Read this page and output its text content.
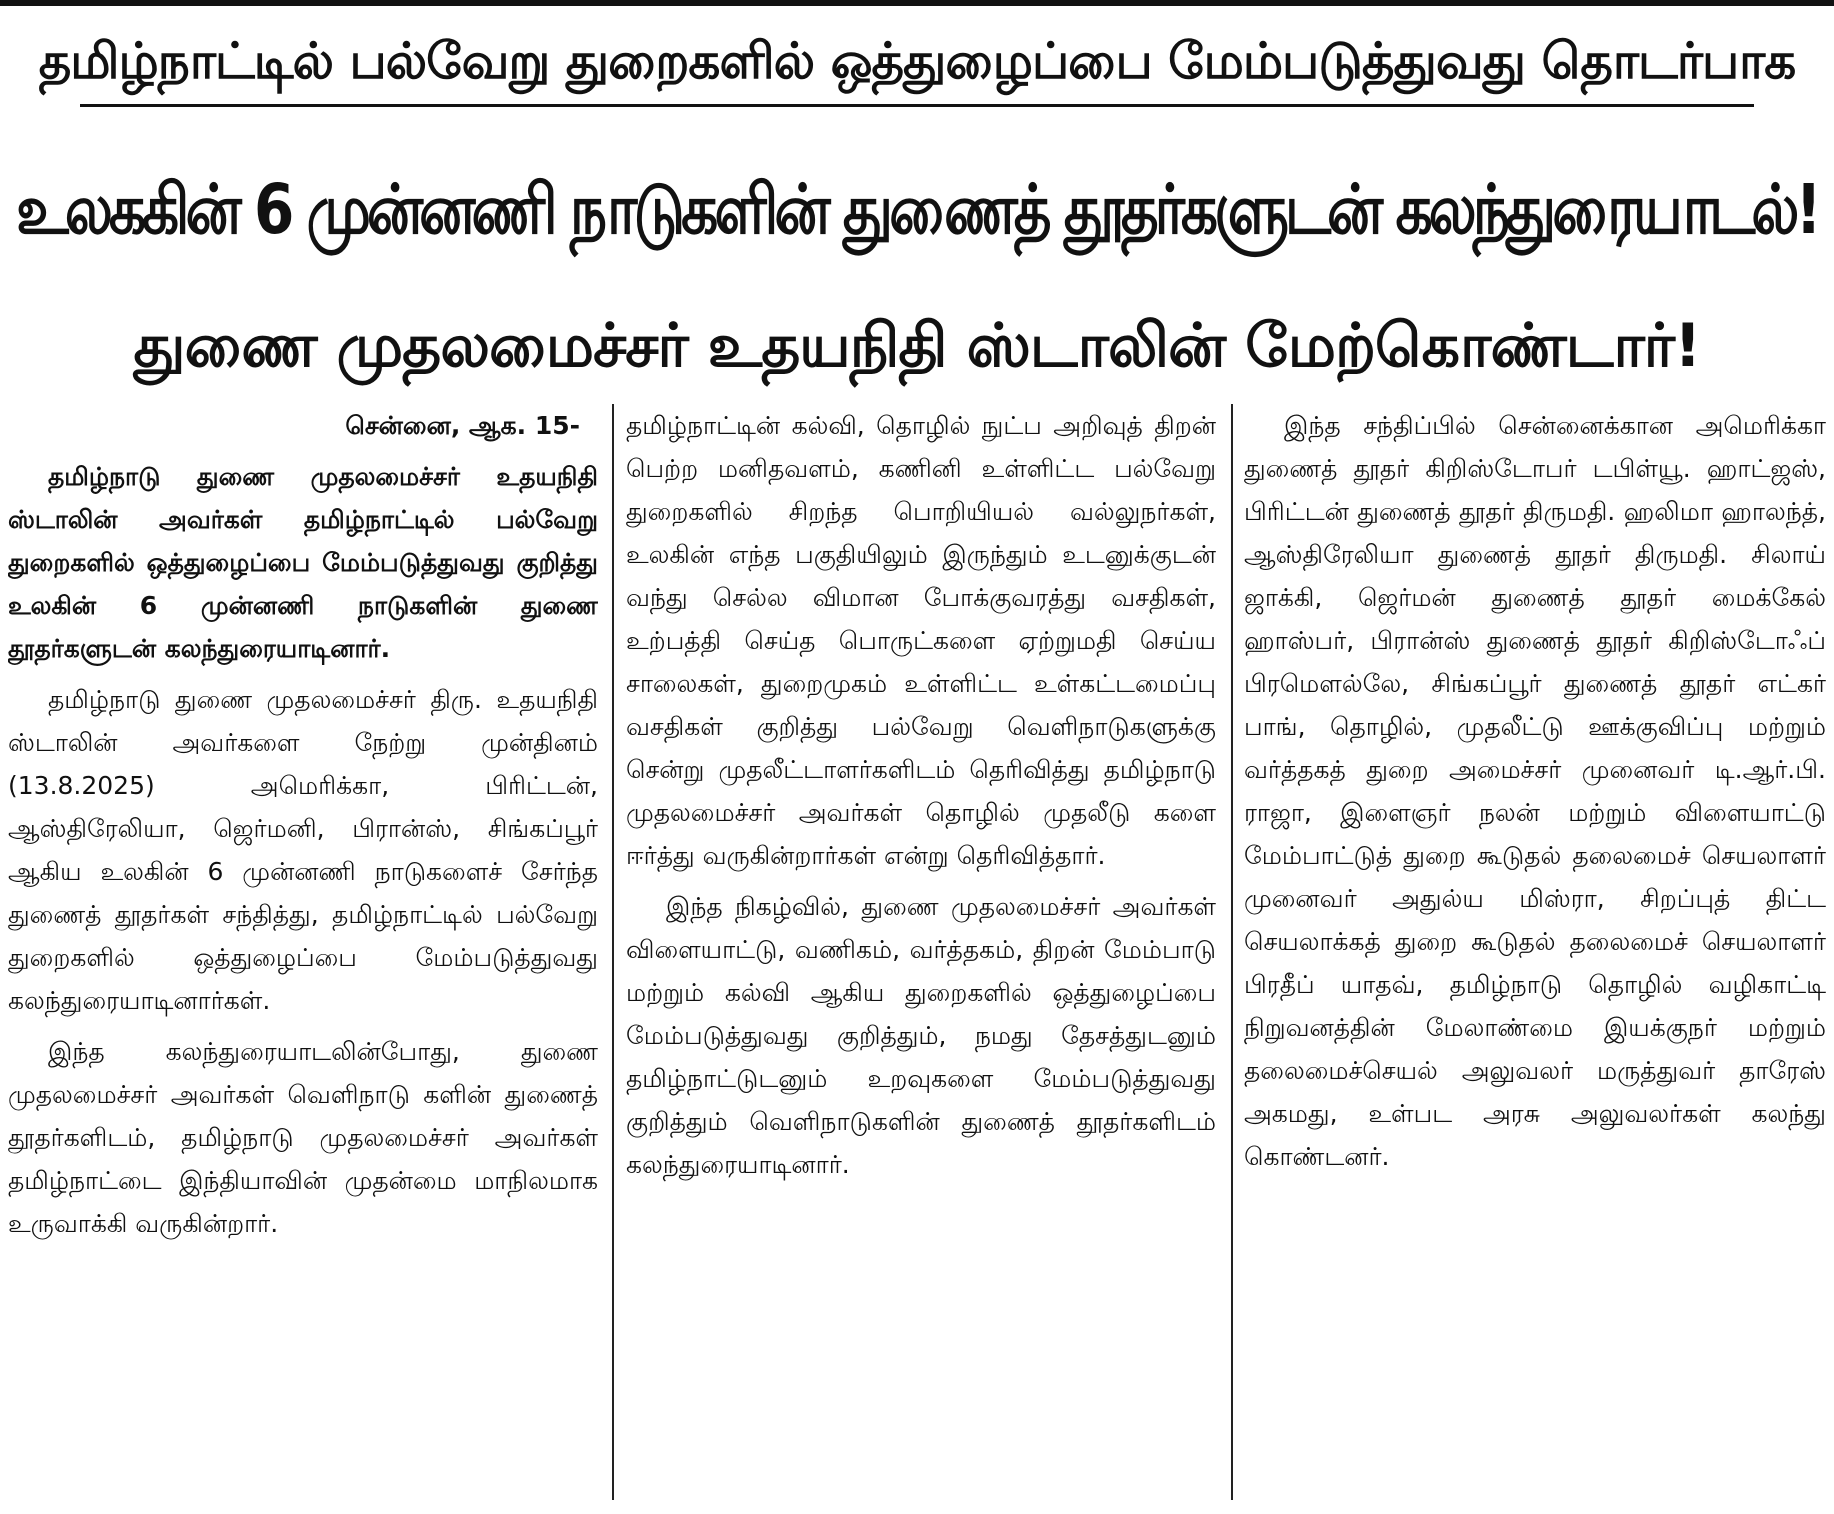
தமிழ்நாட்டில் பல்வேறு துறைகளில் ஒத்துழைப்பை மேம்படுத்துவது தொடர்பாக
உலககின் 6 முன்னணி நாடுகளின் துணைத் தூதர்களுடன் கலந்துரையாடல்!
துணை முதலமைச்சர் உதயநிதி ஸ்டாலின் மேற்கொண்டார்!
சென்னை, ஆக. 15-
தமிழ்நாடு துணை முதலமைச்சர் உதயநிதி ஸ்டாலின் அவர்கள் தமிழ்நாட்டில் பல்வேறு துறைகளில் ஒத்துழைப்பை மேம்படுத்துவது குறித்து உலகின் 6 முன்னணி நாடுகளின் துணை தூதர்களுடன் கலந்துரையாடினார்.

தமிழ்நாடு துணை முதலமைச்சர் திரு. உதயநிதி ஸ்டாலின் அவர்களை நேற்று முன்தினம் (13.8.2025) அமெரிக்கா, பிரிட்டன், ஆஸ்திரேலியா, ஜெர்மனி, பிரான்ஸ், சிங்கப்பூர் ஆகிய உலகின் 6 முன்னணி நாடுகளைச் சேர்ந்த துணைத் தூதர்கள் சந்தித்து, தமிழ்நாட்டில் பல்வேறு துறைகளில் ஒத்துழைப்பை மேம்படுத்துவது கலந்துரையாடினார்கள்.

இந்த கலந்துரையாடலின்போது, துணை முதலமைச்சர் அவர்கள் வெளிநாடு களின் துணைத் தூதர்களிடம், தமிழ்நாடு முதலமைச்சர் அவர்கள் தமிழ்நாட்டை இந்தியாவின் முதன்மை மாநிலமாக உருவாக்கி வருகின்றார்.

தமிழ்நாட்டின் கல்வி, தொழில் நுட்ப அறிவுத் திறன் பெற்ற மனிதவளம், கணினி உள்ளிட்ட பல்வேறு துறைகளில் சிறந்த பொறியியல் வல்லுநர்கள், உலகின் எந்த பகுதியிலும் இருந்தும் உடனுக்குடன் வந்து செல்ல விமான போக்குவரத்து வசதிகள், உற்பத்தி செய்த பொருட்களை ஏற்றுமதி செய்ய சாலைகள், துறைமுகம் உள்ளிட்ட உள்கட்டமைப்பு வசதிகள் குறித்து பல்வேறு வெளிநாடுகளுக்கு சென்று முதலீட்டாளர்களிடம் தெரிவித்து தமிழ்நாடு முதலமைச்சர் அவர்கள் தொழில் முதலீடு களை ஈர்த்து வருகின்றார்கள் என்று தெரிவித்தார்.

இந்த நிகழ்வில், துணை முதலமைச்சர் அவர்கள் விளையாட்டு, வணிகம், வர்த்தகம், திறன் மேம்பாடு மற்றும் கல்வி ஆகிய துறைகளில் ஒத்துழைப்பை மேம்படுத்துவது குறித்தும், நமது தேசத்துடனும் தமிழ்நாட்டுடனும் உறவுகளை மேம்படுத்துவது குறித்தும் வெளிநாடுகளின் துணைத் தூதர்களிடம் கலந்துரையாடினார்.

இந்த சந்திப்பில் சென்னைக்கான அமெரிக்கா துணைத் தூதர் கிறிஸ்டோபர் டபிள்யூ. ஹாட்ஜஸ், பிரிட்டன் துணைத் தூதர் திருமதி. ஹலிமா ஹாலந்த், ஆஸ்திரேலியா துணைத் தூதர் திருமதி. சிலாய் ஜாக்கி, ஜெர்மன் துணைத் தூதர் மைக்கேல் ஹாஸ்பர், பிரான்ஸ் துணைத் தூதர் கிறிஸ்டோஃப் பிரமௌல்லே, சிங்கப்பூர் துணைத் தூதர் எட்கர் பாங், தொழில், முதலீட்டு ஊக்குவிப்பு மற்றும் வர்த்தகத் துறை அமைச்சர் முனைவர் டி.ஆர்.பி. ராஜா, இளைஞர் நலன் மற்றும் விளையாட்டு மேம்பாட்டுத் துறை கூடுதல் தலைமைச் செயலாளர் முனைவர் அதுல்ய மிஸ்ரா, சிறப்புத் திட்ட செயலாக்கத் துறை கூடுதல் தலைமைச் செயலாளர் பிரதீப் யாதவ், தமிழ்நாடு தொழில் வழிகாட்டி நிறுவனத்தின் மேலாண்மை இயக்குநர் மற்றும் தலைமைச்செயல் அலுவலர் மருத்துவர் தாரேஸ் அகமது, உள்பட அரசு அலுவலர்கள் கலந்து கொண்டனர்.
